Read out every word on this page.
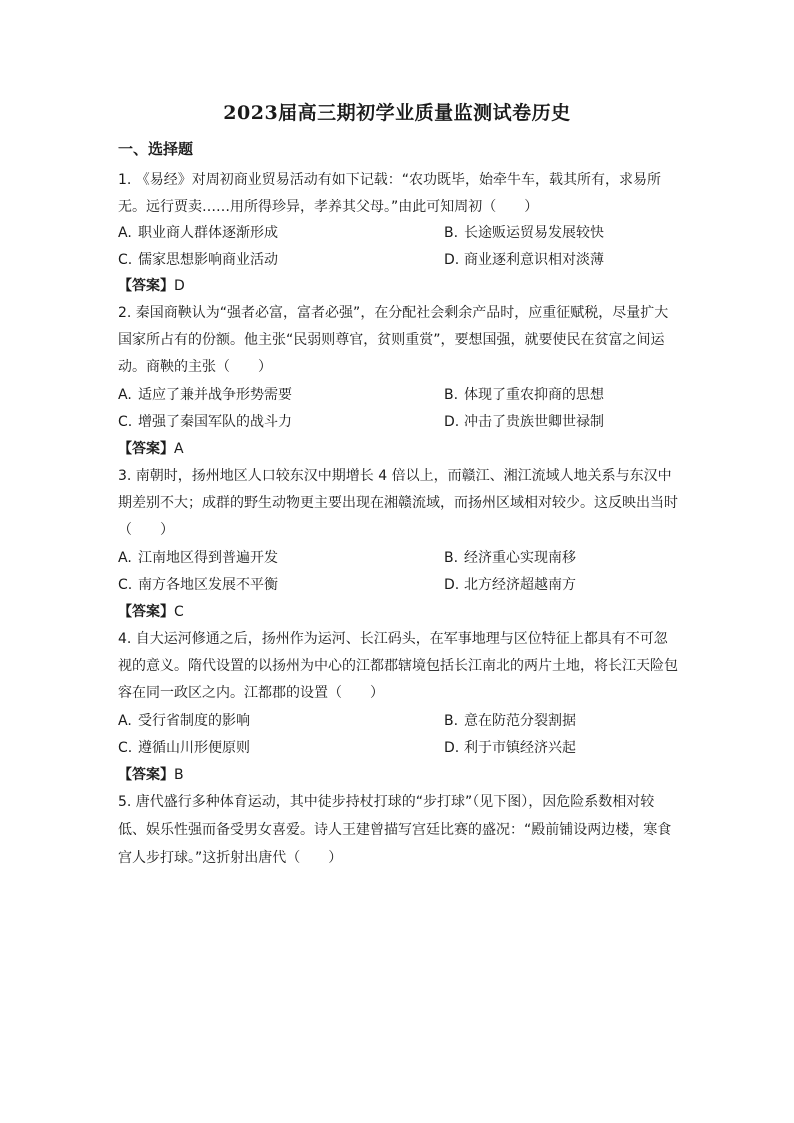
2023届高三期初学业质量监测试卷历史
一、选择题
1. 《易经》对周初商业贸易活动有如下记载：“农功既毕，始牵牛车，载其所有，求易所
无。远行贾卖……用所得珍异，孝养其父母。”由此可知周初（　　）
A. 职业商人群体逐渐形成	B. 长途贩运贸易发展较快
C. 儒家思想影响商业活动	D. 商业逐利意识相对淡薄
【答案】D
2. 秦国商鞅认为“强者必富，富者必强”，在分配社会剩余产品时，应重征赋税，尽量扩大
国家所占有的份额。他主张“民弱则尊官，贫则重赏”，要想国强，就要使民在贫富之间运
动。商鞅的主张（　　）
A. 适应了兼并战争形势需要	B. 体现了重农抑商的思想
C. 增强了秦国军队的战斗力	D. 冲击了贵族世卿世禄制
【答案】A
3. 南朝时，扬州地区人口较东汉中期增长 4 倍以上，而赣江、湘江流域人地关系与东汉中
期差别不大；成群的野生动物更主要出现在湘赣流域，而扬州区域相对较少。这反映出当时
（　　）
A. 江南地区得到普遍开发	B. 经济重心实现南移
C. 南方各地区发展不平衡	D. 北方经济超越南方
【答案】C
4. 自大运河修通之后，扬州作为运河、长江码头，在军事地理与区位特征上都具有不可忽
视的意义。隋代设置的以扬州为中心的江都郡辖境包括长江南北的两片土地，将长江天险包
容在同一政区之内。江都郡的设置（　　）
A. 受行省制度的影响	B. 意在防范分裂割据
C. 遵循山川形便原则	D. 利于市镇经济兴起
【答案】B
5. 唐代盛行多种体育运动，其中徒步持杖打球的“步打球”（见下图），因危险系数相对较
低、娱乐性强而备受男女喜爱。诗人王建曾描写宫廷比赛的盛况：“殿前铺设两边楼，寒食
宫人步打球。”这折射出唐代（　　）
